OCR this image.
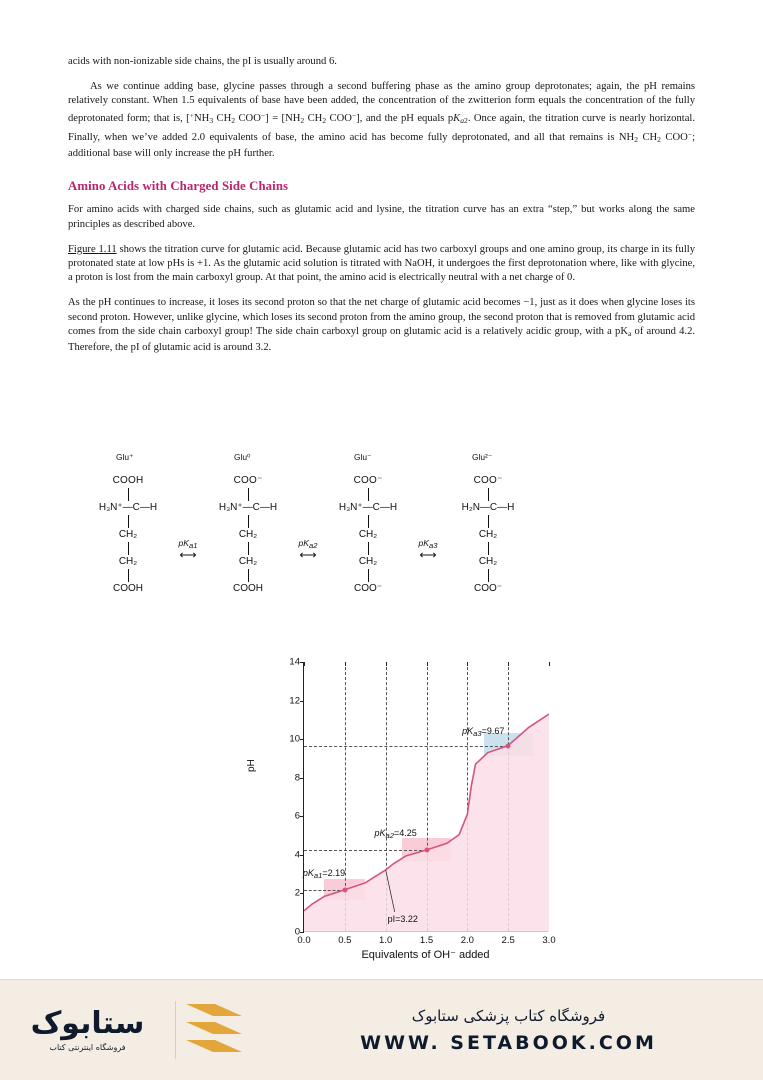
acids with non-ionizable side chains, the pI is usually around 6.

As we continue adding base, glycine passes through a second buffering phase as the amino group deprotonates; again, the pH remains relatively constant. When 1.5 equivalents of base have been added, the concentration of the zwitterion form equals the concentration of the fully deprotonated form; that is, [$^+NH_3$ $CH_2$ $COO^-] = [NH_2$ $CH_2$ COO−], and the pH equals $pK_{a2}$. Once again, the titration curve is nearly horizontal. Finally, when we’ve added 2.0 equivalents of base, the amino acid has become fully deprotonated, and all that remains is $NH_2$ $CH_2$ COO−; additional base will only increase the pH further.

Amino Acids with Charged Side Chains

For amino acids with charged side chains, such as glutamic acid and lysine, the titration curve has an extra “step,” but works along the same principles as described above.

Figure 1.11 shows the titration curve for glutamic acid. Because glutamic acid has two carboxyl groups and one amino group, its charge in its fully protonated state at low pHs is +1. As the glutamic acid solution is titrated with NaOH, it undergoes the first deprotonation where, like with glycine, a proton is lost from the main carboxyl group. At that point, the amino acid is electrically neutral with a net charge of 0.

As the pH continues to increase, it loses its second proton so that the net charge of glutamic acid becomes −1, just as it does when glycine loses its second proton. However, unlike glycine, which loses its second proton from the amino group, the second proton that is removed from glutamic acid comes from the side chain carboxyl group! The side chain carboxyl group on glutamic acid is a relatively acidic group, with a $pK_a$ of around 4.2. Therefore, the pI of glutamic acid is around 3.2.

Glu⁺	Glu⁰	Glu⁻	Glu²⁻
COOH
H₃N⁺—C—H
CH₂
CH₂
COOH
COO⁻
H₃N⁺—C—H
CH₂
CH₂
COOH
COO⁻
H₃N⁺—C—H
CH₂
CH₂
COO⁻
COO⁻
H₂N—C—H
CH₂
CH₂
COO⁻
pKa1
⟷
pKa2
⟷
pKa3
⟷
pH
$pK_{a1}=2.19$
$pK_{a2}=4.25$
$pK_{a3}=9.67$
pI=3.22
0
2
4
6
8
10
12
14
0.0	0.5	1.0	1.5	2.0	2.5	3.0
Equivalents of OH⁻ added
ستابوک
فروشگاه اینترنتی کتاب
فروشگاه کتاب پزشکی ستابوک
WWW. SETABOOK.COM
